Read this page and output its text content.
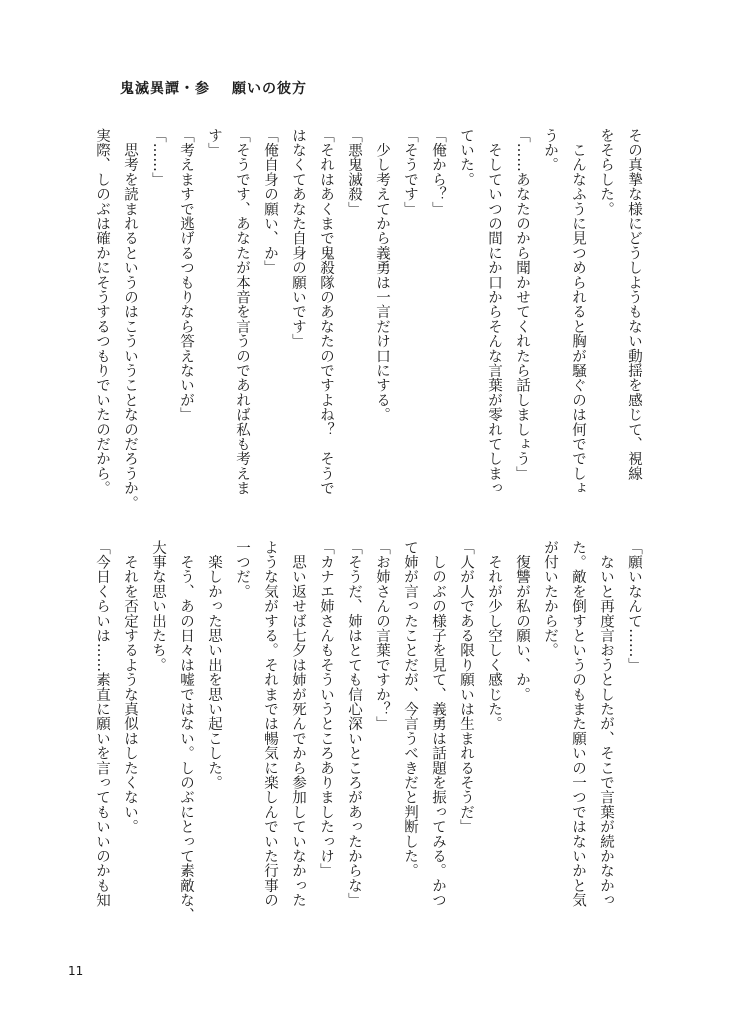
鬼滅異譚・参 願いの彼方
その真摯な様にどうしようもない動揺を感じて、視線
をそらした。
　こんなふうに見つめられると胸が騒ぐのは何ででしょ
うか。
「……あなたのから聞かせてくれたら話しましょう」
　そしていつの間にか口からそんな言葉が零れてしまっ
ていた。
「俺から？」
「そうです」
　少し考えてから義勇は一言だけ口にする。
「悪鬼滅殺」
「それはあくまで鬼殺隊のあなたのですよね？　そうで
はなくてあなた自身の願いです」
「俺自身の願い、か」
「そうです、あなたが本音を言うのであれば私も考えま
す」
「考えますで逃げるつもりなら答えないが」
「……」
　思考を読まれるというのはこういうことなのだろうか。
実際、しのぶは確かにそうするつもりでいたのだから。
「願いなんて……」
　ないと再度言おうとしたが、そこで言葉が続かなかっ
た。敵を倒すというのもまた願いの一つではないかと気
が付いたからだ。
　復讐が私の願い、か。
　それが少し空しく感じた。
「人が人である限り願いは生まれるそうだ」
　しのぶの様子を見て、義勇は話題を振ってみる。かつ
て姉が言ったことだが、今言うべきだと判断した。
「お姉さんの言葉ですか？」
「そうだ、姉はとても信心深いところがあったからな」
「カナエ姉さんもそういうところありましたっけ」
　思い返せば七夕は姉が死んでから参加していなかった
ような気がする。それまでは暢気に楽しんでいた行事の
一つだ。
　楽しかった思い出を思い起こした。
　そう、あの日々は嘘ではない。しのぶにとって素敵な、
大事な思い出たち。
　それを否定するような真似はしたくない。
「今日くらいは……素直に願いを言ってもいいのかも知
11
